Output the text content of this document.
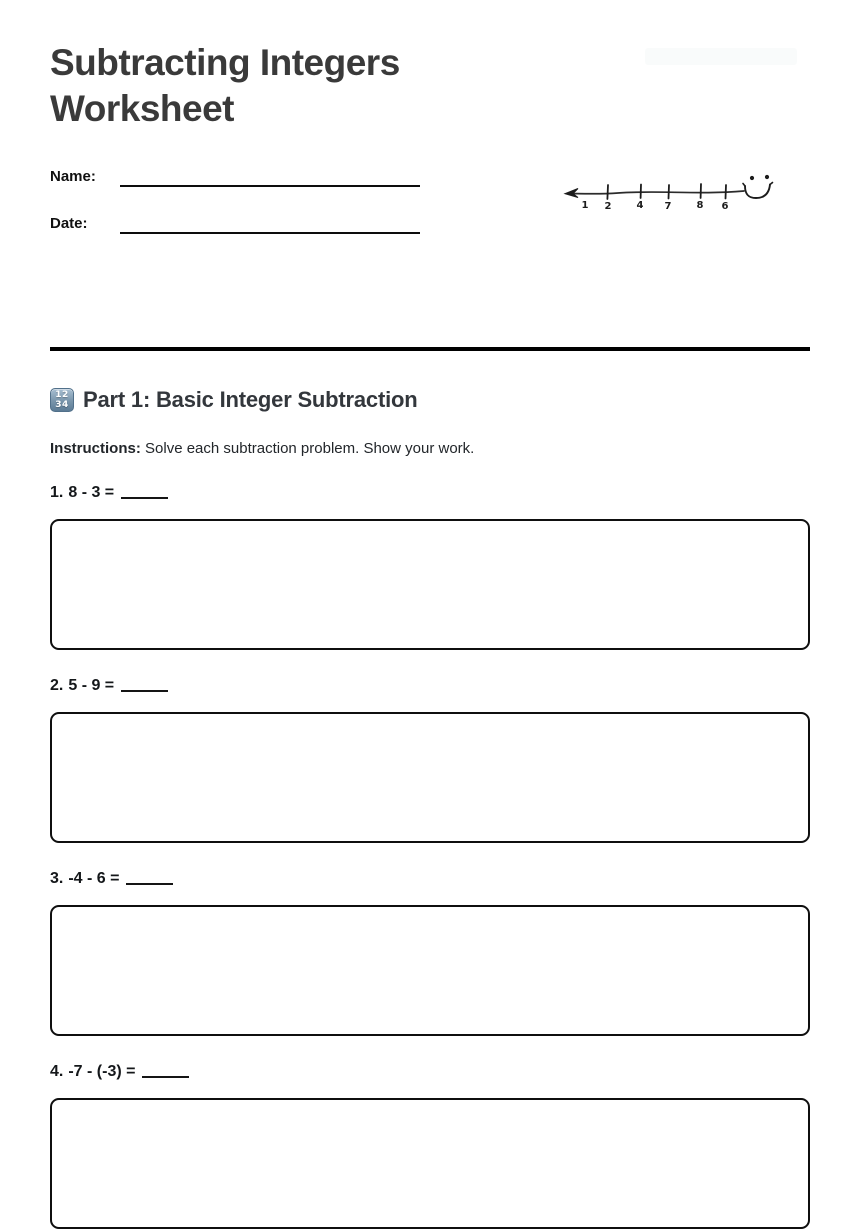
Subtracting Integers Worksheet
Name:
Date:
1 2	4 7	8 6
12
34 Part 1: Basic Integer Subtraction

Instructions: Solve each subtraction problem. Show your work.

1. 8 - 3 =
2. 5 - 9 =
3. -4 - 6 =
4. -7 - (-3) =
